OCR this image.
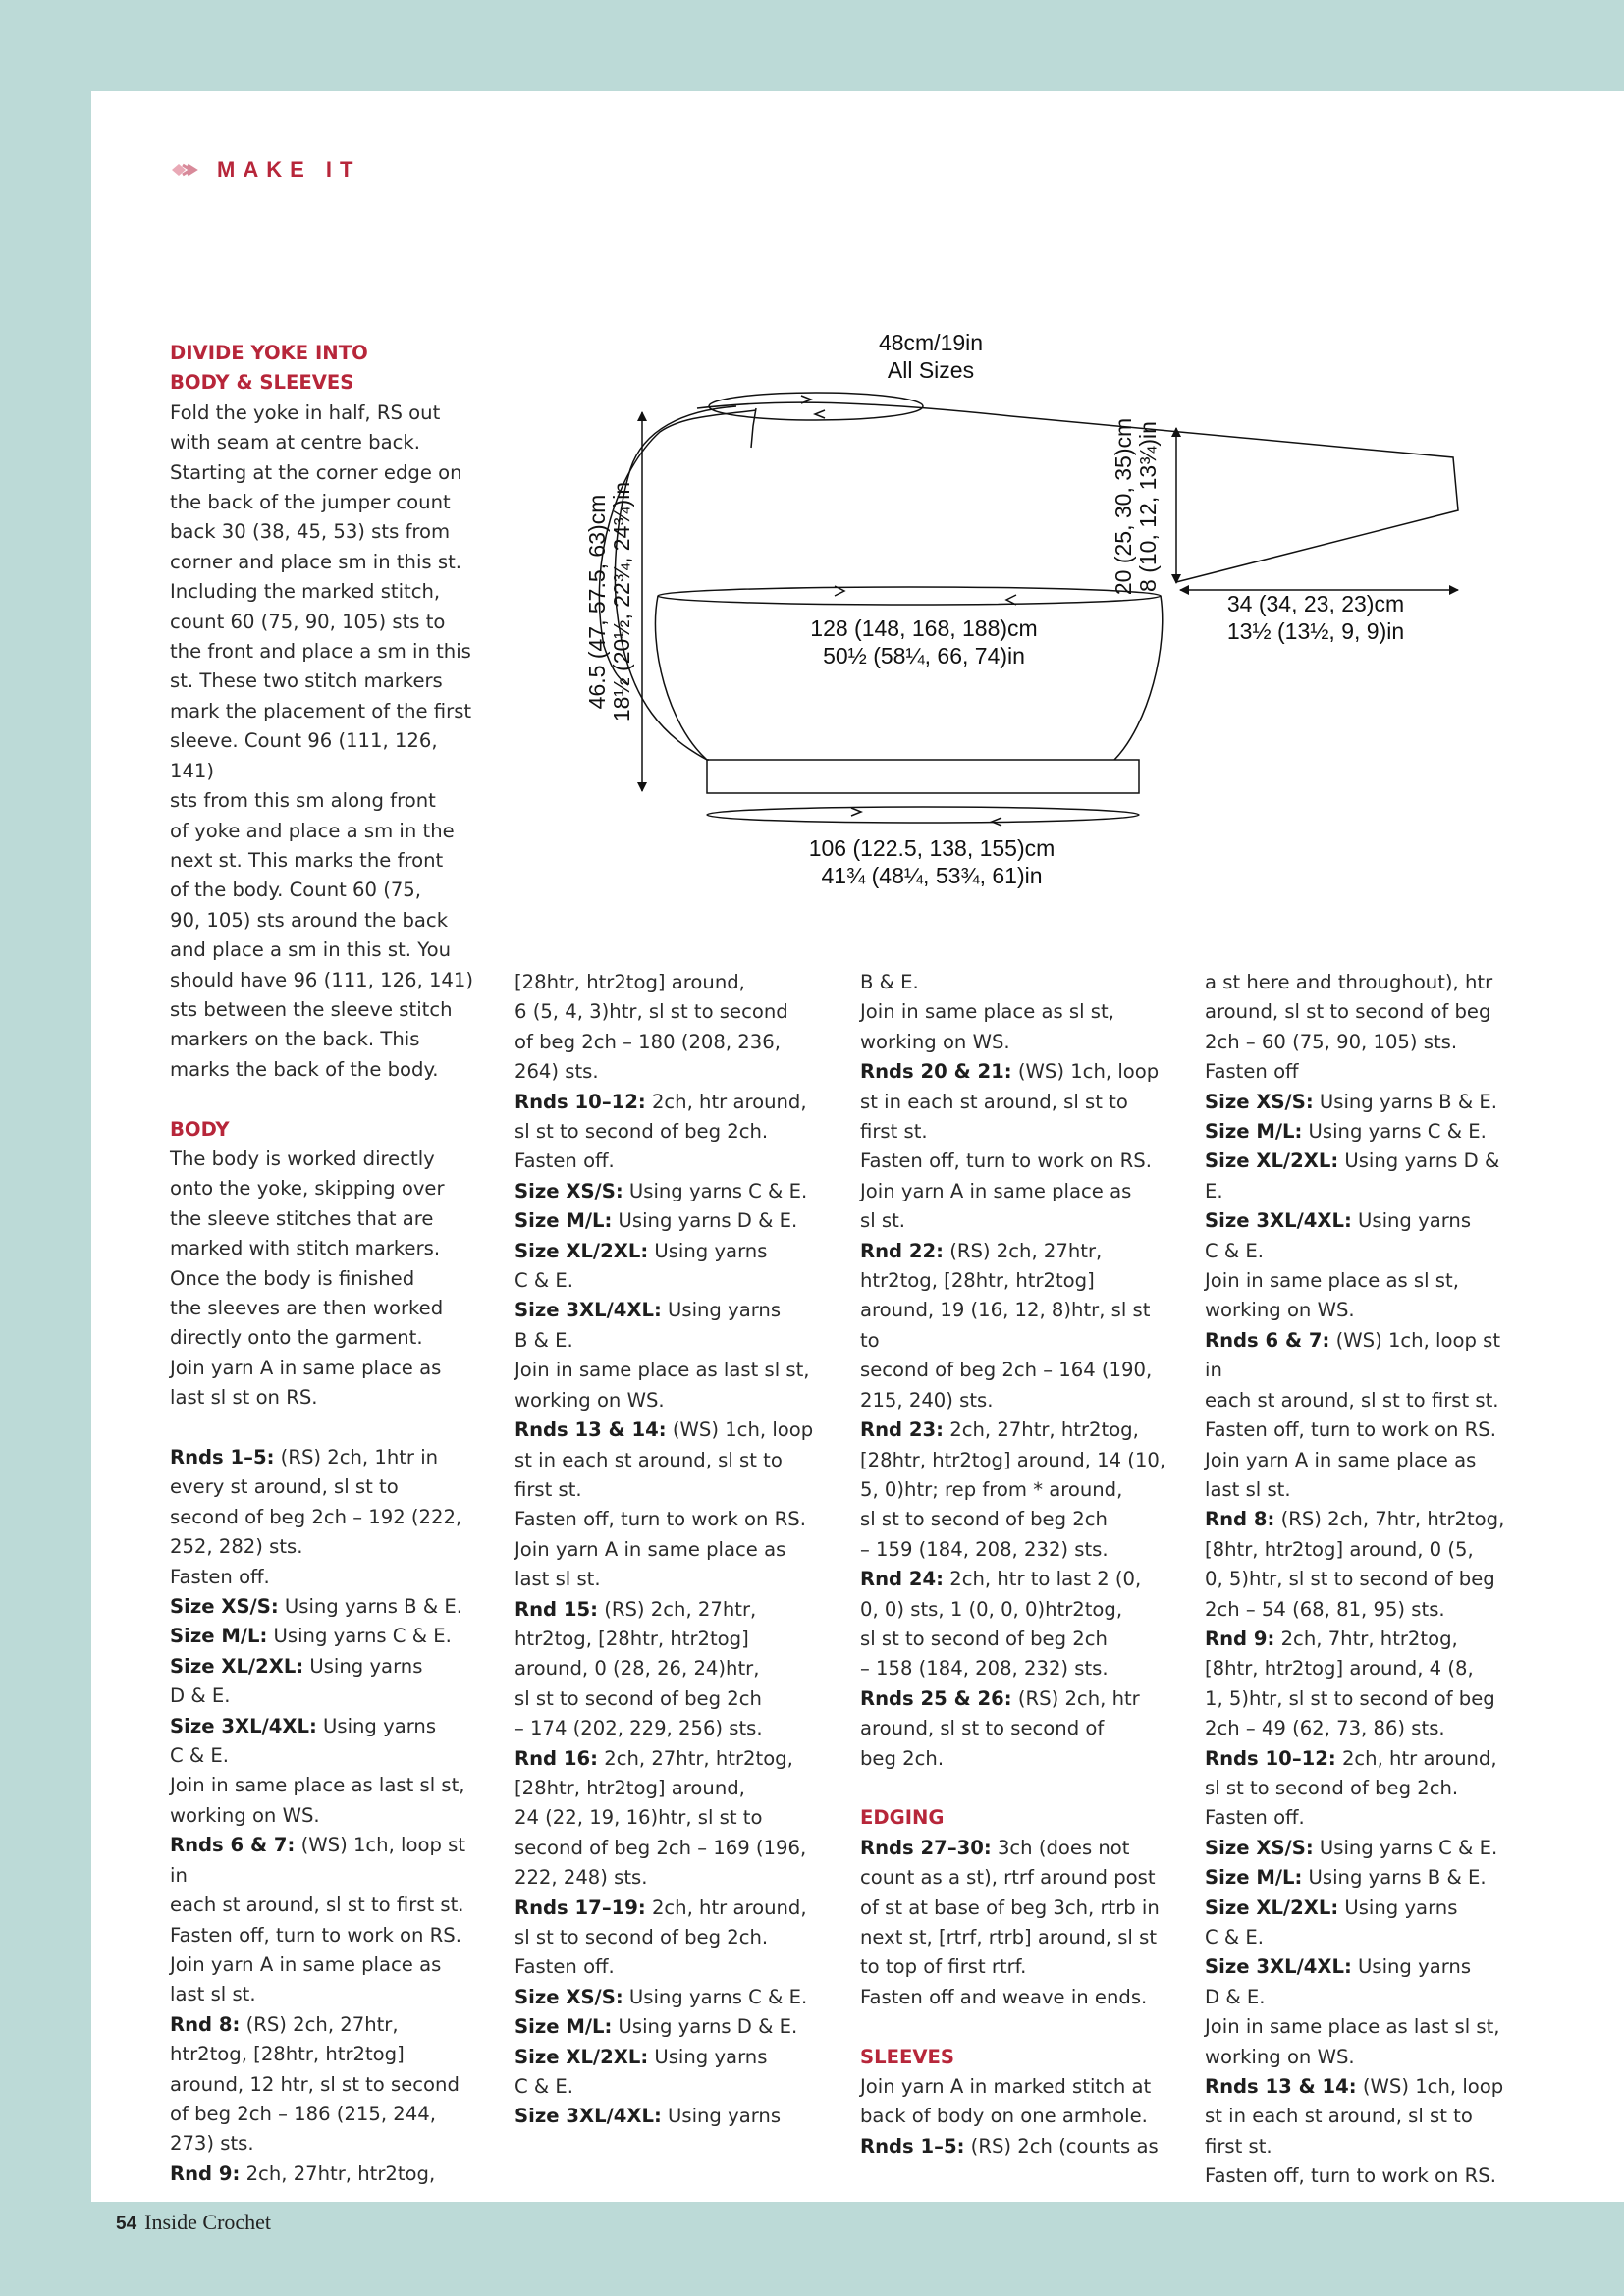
MAKE IT
48cm/19in
All Sizes
128 (148, 168, 188)cm
50½ (58¼, 66, 74)in
106 (122.5, 138, 155)cm
41¾ (48¼, 53¾, 61)in
34 (34, 23, 23)cm
13½ (13½, 9, 9)in
46.5 (47, 57.5, 63)cm 18½ (20½, 22¾, 24¾)in	20 (25, 30, 35)cm 8 (10, 12, 13¾)in
DIVIDE YOKE INTO
BODY & SLEEVES

Fold the yoke in half, RS out

with seam at centre back.

Starting at the corner edge on

the back of the jumper count

back 30 (38, 45, 53) sts from

corner and place sm in this st.

Including the marked stitch,

count 60 (75, 90, 105) sts to

the front and place a sm in this

st. These two stitch markers

mark the placement of the first

sleeve. Count 96 (111, 126, 141)

sts from this sm along front

of yoke and place a sm in the

next st. This marks the front

of the body. Count 60 (75,

90, 105) sts around the back

and place a sm in this st. You

should have 96 (111, 126, 141)

sts between the sleeve stitch

markers on the back. This

marks the back of the body.

BODY

The body is worked directly

onto the yoke, skipping over

the sleeve stitches that are

marked with stitch markers.

Once the body is finished

the sleeves are then worked

directly onto the garment.

Join yarn A in same place as

last sl st on RS.

Rnds 1–5: (RS) 2ch, 1htr in

every st around, sl st to

second of beg 2ch – 192 (222,

252, 282) sts.

Fasten off.

Size XS/S: Using yarns B & E.

Size M/L: Using yarns C & E.

Size XL/2XL: Using yarns

D & E.

Size 3XL/4XL: Using yarns

C & E.

Join in same place as last sl st,

working on WS.

Rnds 6 & 7: (WS) 1ch, loop st in

each st around, sl st to first st.

Fasten off, turn to work on RS.

Join yarn A in same place as

last sl st.

Rnd 8: (RS) 2ch, 27htr,

htr2tog, [28htr, htr2tog]

around, 12 htr, sl st to second

of beg 2ch – 186 (215, 244,

273) sts.

Rnd 9: 2ch, 27htr, htr2tog,

[28htr, htr2tog] around,

6 (5, 4, 3)htr, sl st to second

of beg 2ch – 180 (208, 236,

264) sts.

Rnds 10–12: 2ch, htr around,

sl st to second of beg 2ch.

Fasten off.

Size XS/S: Using yarns C & E.

Size M/L: Using yarns D & E.

Size XL/2XL: Using yarns

C & E.

Size 3XL/4XL: Using yarns

B & E.

Join in same place as last sl st,

working on WS.

Rnds 13 & 14: (WS) 1ch, loop

st in each st around, sl st to

first st.

Fasten off, turn to work on RS.

Join yarn A in same place as

last sl st.

Rnd 15: (RS) 2ch, 27htr,

htr2tog, [28htr, htr2tog]

around, 0 (28, 26, 24)htr,

sl st to second of beg 2ch

– 174 (202, 229, 256) sts.

Rnd 16: 2ch, 27htr, htr2tog,

[28htr, htr2tog] around,

24 (22, 19, 16)htr, sl st to

second of beg 2ch – 169 (196,

222, 248) sts.

Rnds 17–19: 2ch, htr around,

sl st to second of beg 2ch.

Fasten off.

Size XS/S: Using yarns C & E.

Size M/L: Using yarns D & E.

Size XL/2XL: Using yarns

C & E.

Size 3XL/4XL: Using yarns

B & E.

Join in same place as sl st,

working on WS.

Rnds 20 & 21: (WS) 1ch, loop

st in each st around, sl st to

first st.

Fasten off, turn to work on RS.

Join yarn A in same place as

sl st.

Rnd 22: (RS) 2ch, 27htr,

htr2tog, [28htr, htr2tog]

around, 19 (16, 12, 8)htr, sl st to

second of beg 2ch – 164 (190,

215, 240) sts.

Rnd 23: 2ch, 27htr, htr2tog,

[28htr, htr2tog] around, 14 (10,

5, 0)htr; rep from * around,

sl st to second of beg 2ch

– 159 (184, 208, 232) sts.

Rnd 24: 2ch, htr to last 2 (0,

0, 0) sts, 1 (0, 0, 0)htr2tog,

sl st to second of beg 2ch

– 158 (184, 208, 232) sts.

Rnds 25 & 26: (RS) 2ch, htr

around, sl st to second of

beg 2ch.

EDGING

Rnds 27–30: 3ch (does not

count as a st), rtrf around post

of st at base of beg 3ch, rtrb in

next st, [rtrf, rtrb] around, sl st

to top of first rtrf.

Fasten off and weave in ends.

SLEEVES

Join yarn A in marked stitch at

back of body on one armhole.

Rnds 1–5: (RS) 2ch (counts as

a st here and throughout), htr

around, sl st to second of beg

2ch – 60 (75, 90, 105) sts.

Fasten off

Size XS/S: Using yarns B & E.

Size M/L: Using yarns C & E.

Size XL/2XL: Using yarns D & E.

Size 3XL/4XL: Using yarns

C & E.

Join in same place as sl st,

working on WS.

Rnds 6 & 7: (WS) 1ch, loop st in

each st around, sl st to first st.

Fasten off, turn to work on RS.

Join yarn A in same place as

last sl st.

Rnd 8: (RS) 2ch, 7htr, htr2tog,

[8htr, htr2tog] around, 0 (5,

0, 5)htr, sl st to second of beg

2ch – 54 (68, 81, 95) sts.

Rnd 9: 2ch, 7htr, htr2tog,

[8htr, htr2tog] around, 4 (8,

1, 5)htr, sl st to second of beg

2ch – 49 (62, 73, 86) sts.

Rnds 10–12: 2ch, htr around,

sl st to second of beg 2ch.

Fasten off.

Size XS/S: Using yarns C & E.

Size M/L: Using yarns B & E.

Size XL/2XL: Using yarns

C & E.

Size 3XL/4XL: Using yarns

D & E.

Join in same place as last sl st,

working on WS.

Rnds 13 & 14: (WS) 1ch, loop

st in each st around, sl st to

first st.

Fasten off, turn to work on RS.

54 Inside Crochet
